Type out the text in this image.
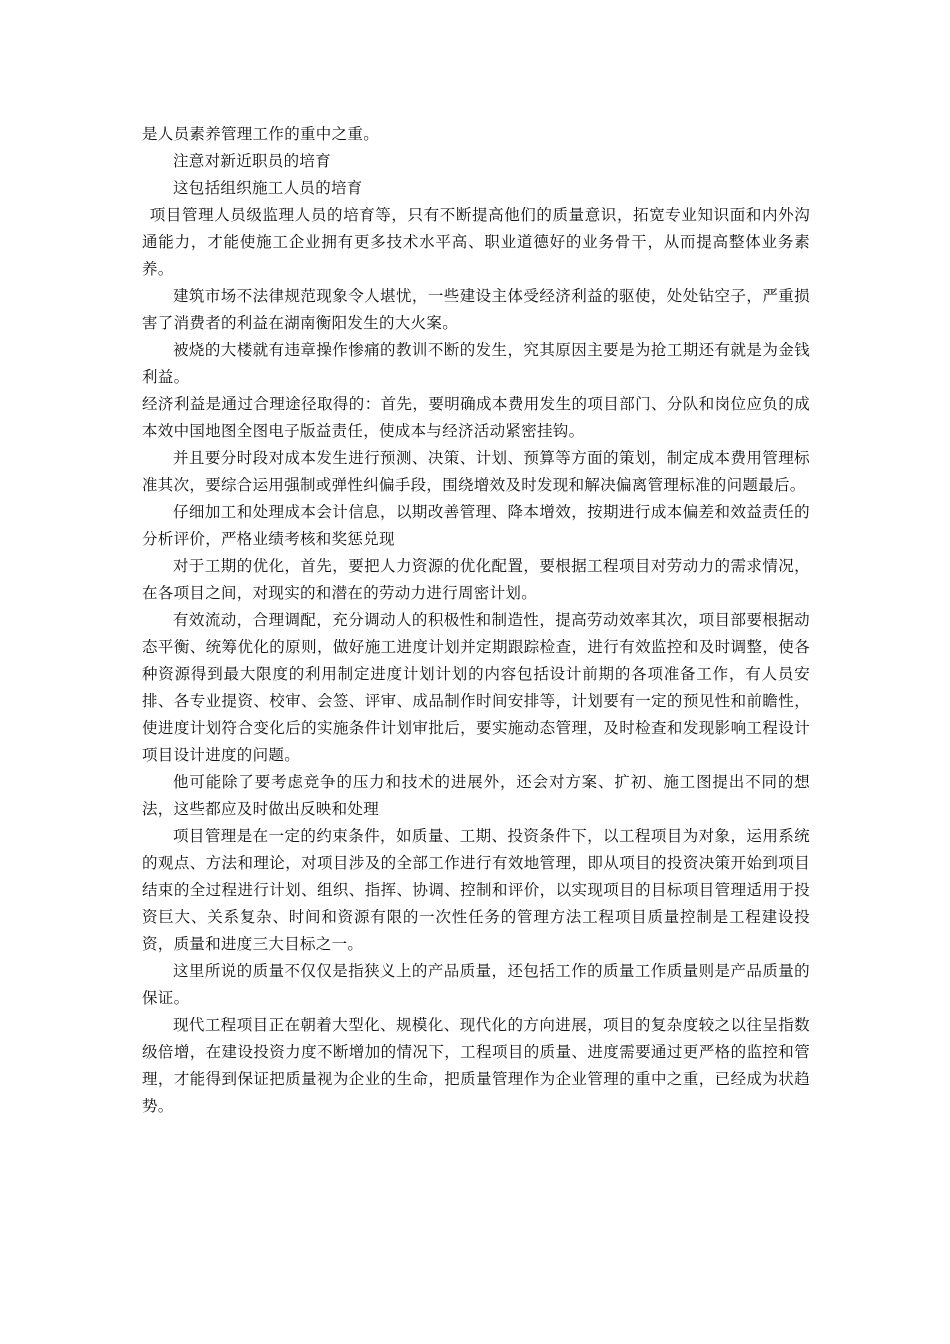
是人员素养管理工作的重中之重。

注意对新近职员的培育

这包括组织施工人员的培育

项目管理人员级监理人员的培育等，只有不断提高他们的质量意识，拓宽专业知识面和内外沟通能力，才能使施工企业拥有更多技术水平高、职业道德好的业务骨干，从而提高整体业务素养。

建筑市场不法律规范现象令人堪忧，一些建设主体受经济利益的驱使，处处钻空子，严重损害了消费者的利益在湖南衡阳发生的大火案。

被烧的大楼就有违章操作惨痛的教训不断的发生，究其原因主要是为抢工期还有就是为金钱利益。

经济利益是通过合理途径取得的：首先，要明确成本费用发生的项目部门、分队和岗位应负的成本效中国地图全图电子版益责任，使成本与经济活动紧密挂钩。

并且要分时段对成本发生进行预测、决策、计划、预算等方面的策划，制定成本费用管理标准其次，要综合运用强制或弹性纠偏手段，围绕增效及时发现和解决偏离管理标准的问题最后。

仔细加工和处理成本会计信息，以期改善管理、降本增效，按期进行成本偏差和效益责任的分析评价，严格业绩考核和奖惩兑现

对于工期的优化，首先，要把人力资源的优化配置，要根据工程项目对劳动力的需求情况，在各项目之间，对现实的和潜在的劳动力进行周密计划。

有效流动，合理调配，充分调动人的积极性和制造性，提高劳动效率其次，项目部要根据动态平衡、统筹优化的原则，做好施工进度计划并定期跟踪检查，进行有效监控和及时调整，使各种资源得到最大限度的利用制定进度计划计划的内容包括设计前期的各项准备工作，有人员安排、各专业提资、校审、会签、评审、成品制作时间安排等，计划要有一定的预见性和前瞻性，使进度计划符合变化后的实施条件计划审批后，要实施动态管理，及时检查和发现影响工程设计项目设计进度的问题。

他可能除了要考虑竞争的压力和技术的进展外，还会对方案、扩初、施工图提出不同的想法，这些都应及时做出反映和处理

项目管理是在一定的约束条件，如质量、工期、投资条件下，以工程项目为对象，运用系统的观点、方法和理论，对项目涉及的全部工作进行有效地管理，即从项目的投资决策开始到项目结束的全过程进行计划、组织、指挥、协调、控制和评价，以实现项目的目标项目管理适用于投资巨大、关系复杂、时间和资源有限的一次性任务的管理方法工程项目质量控制是工程建设投资，质量和进度三大目标之一。

这里所说的质量不仅仅是指狭义上的产品质量，还包括工作的质量工作质量则是产品质量的保证。

现代工程项目正在朝着大型化、规模化、现代化的方向进展，项目的复杂度较之以往呈指数级倍增，在建设投资力度不断增加的情况下，工程项目的质量、进度需要通过更严格的监控和管理，才能得到保证把质量视为企业的生命，把质量管理作为企业管理的重中之重，已经成为状趋势。
